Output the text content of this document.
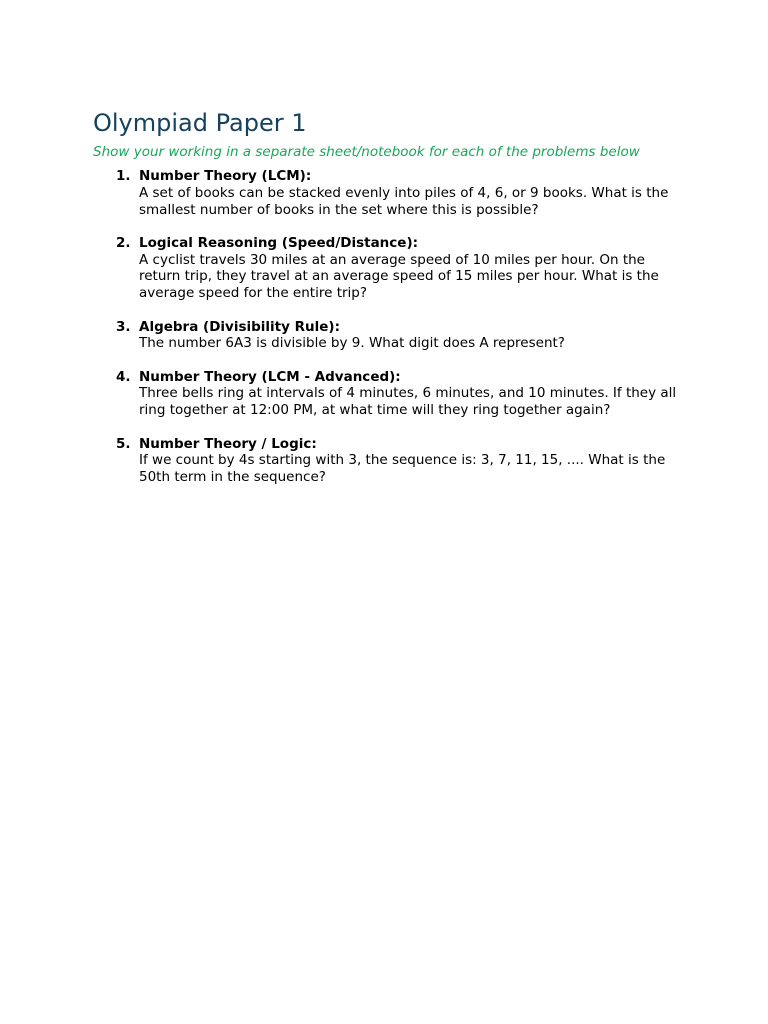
Olympiad Paper 1

Show your working in a separate sheet/notebook for each of the problems below

1. Number Theory (LCM):
A set of books can be stacked evenly into piles of 4, 6, or 9 books. What is the smallest number of books in the set where this is possible?
2. Logical Reasoning (Speed/Distance):
A cyclist travels 30 miles at an average speed of 10 miles per hour. On the return trip, they travel at an average speed of 15 miles per hour. What is the average speed for the entire trip?
3. Algebra (Divisibility Rule):
The number 6A3 is divisible by 9. What digit does A represent?
4. Number Theory (LCM - Advanced):
Three bells ring at intervals of 4 minutes, 6 minutes, and 10 minutes. If they all ring together at 12:00 PM, at what time will they ring together again?
5. Number Theory / Logic:
If we count by 4s starting with 3, the sequence is: 3, 7, 11, 15, .... What is the 50th term in the sequence?
